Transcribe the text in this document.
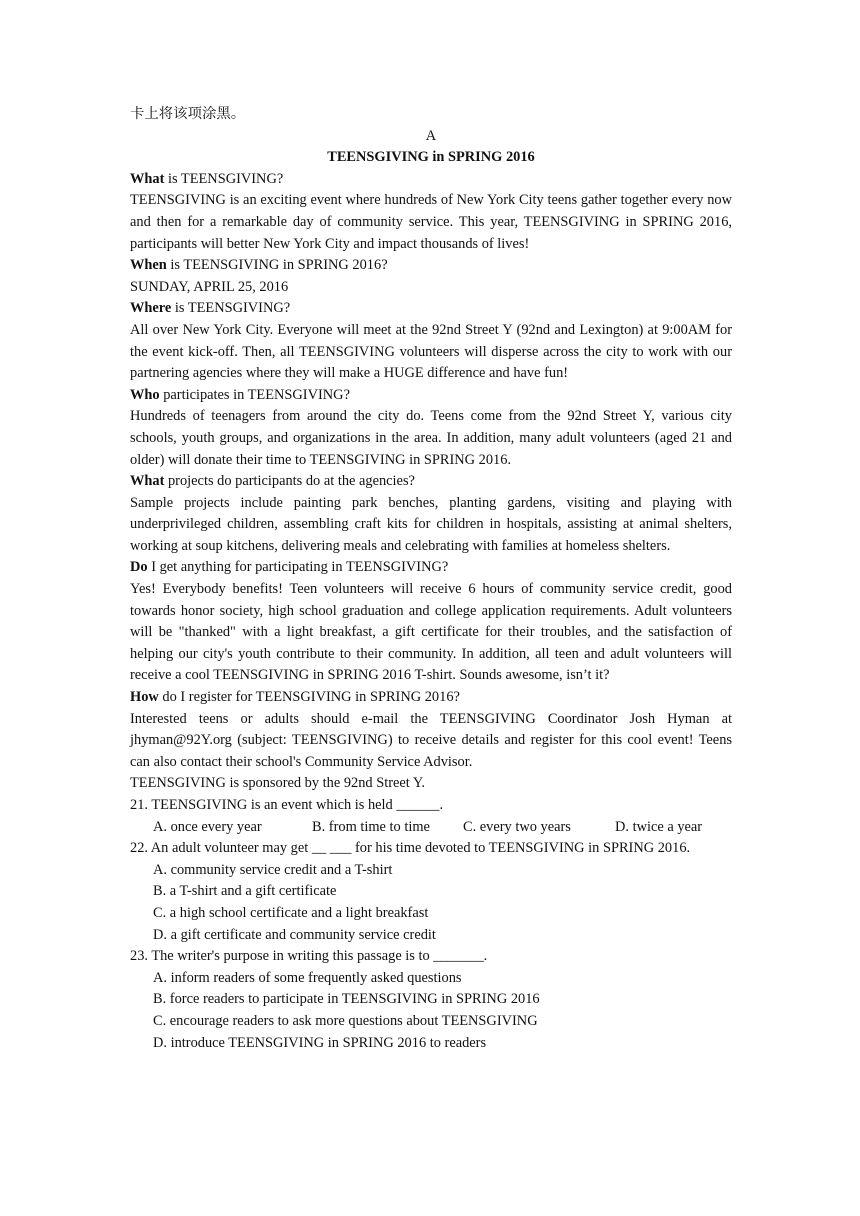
卡上将该项涂黑。

A

TEENSGIVING in SPRING 2016

What is TEENSGIVING?

TEENSGIVING is an exciting event where hundreds of New York City teens gather together every now and then for a remarkable day of community service. This year, TEENSGIVING in SPRING 2016, participants will better New York City and impact thousands of lives!

When is TEENSGIVING in SPRING 2016?

SUNDAY, APRIL 25, 2016

Where is TEENSGIVING?

All over New York City. Everyone will meet at the 92nd Street Y (92nd and Lexington) at 9:00AM for the event kick-off. Then, all TEENSGIVING volunteers will disperse across the city to work with our partnering agencies where they will make a HUGE difference and have fun!

Who participates in TEENSGIVING?

Hundreds of teenagers from around the city do. Teens come from the 92nd Street Y, various city schools, youth groups, and organizations in the area. In addition, many adult volunteers (aged 21 and older) will donate their time to TEENSGIVING in SPRING 2016.

What projects do participants do at the agencies?

Sample projects include painting park benches, planting gardens, visiting and playing with underprivileged children, assembling craft kits for children in hospitals, assisting at animal shelters, working at soup kitchens, delivering meals and celebrating with families at homeless shelters.

Do I get anything for participating in TEENSGIVING?

Yes! Everybody benefits! Teen volunteers will receive 6 hours of community service credit, good towards honor society, high school graduation and college application requirements. Adult volunteers will be "thanked" with a light breakfast, a gift certificate for their troubles, and the satisfaction of helping our city's youth contribute to their community. In addition, all teen and adult volunteers will receive a cool TEENSGIVING in SPRING 2016 T-shirt. Sounds awesome, isn’t it?

How do I register for TEENSGIVING in SPRING 2016?

Interested teens or adults should e-mail the TEENSGIVING Coordinator Josh Hyman at jhyman@92Y.org (subject: TEENSGIVING) to receive details and register for this cool event! Teens can also contact their school's Community Service Advisor.

TEENSGIVING is sponsored by the 92nd Street Y.

21. TEENSGIVING is an event which is held ______.

A. once every year	B. from time to time	C. every two years	D. twice a year

22. An adult volunteer may get __ ___ for his time devoted to TEENSGIVING in SPRING 2016.

A. community service credit and a T-shirt

B. a T-shirt and a gift certificate

C. a high school certificate and a light breakfast

D. a gift certificate and community service credit

23. The writer's purpose in writing this passage is to _______.

A. inform readers of some frequently asked questions

B. force readers to participate in TEENSGIVING in SPRING 2016

C. encourage readers to ask more questions about TEENSGIVING

D. introduce TEENSGIVING in SPRING 2016 to readers
